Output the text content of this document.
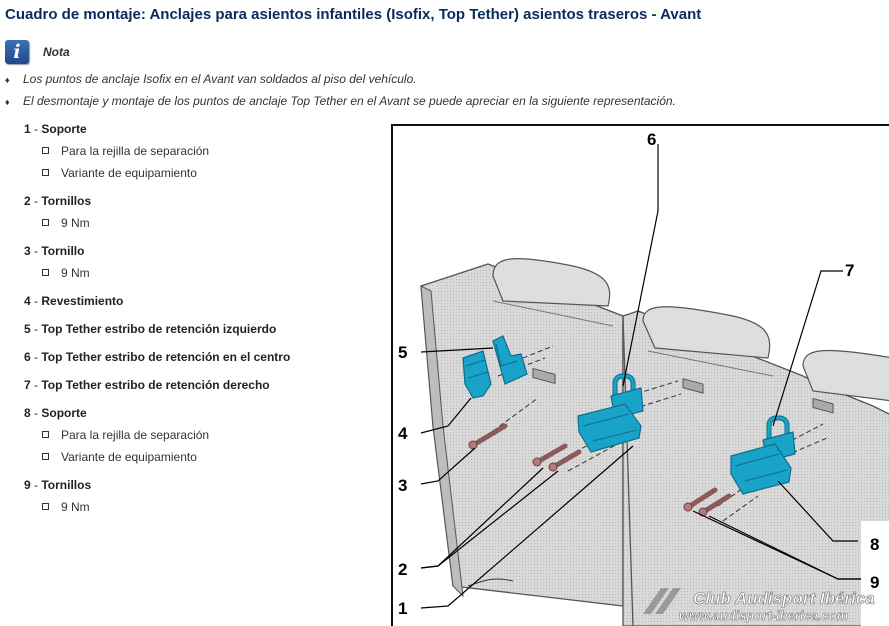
Cuadro de montaje: Anclajes para asientos infantiles (Isofix, Top Tether) asientos traseros - Avant
i	Nota
♦ Los puntos de anclaje Isofix en el Avant van soldados al piso del vehículo.
♦ El desmontaje y montaje de los puntos de anclaje Top Tether en el Avant se puede apreciar en la siguiente representación.
1 - Soporte
Para la rejilla de separación
Variante de equipamiento
2 - Tornillos
9 Nm
3 - Tornillo
9 Nm
4 - Revestimiento
5 - Top Tether estribo de retención izquierdo
6 - Top Tether estribo de retención en el centro
7 - Top Tether estribo de retención derecho
8 - Soporte
Para la rejilla de separación
Variante de equipamiento
9 - Tornillos
9 Nm
6
7
5
4
3
2
1
8
9
Club Audisport Ibérica
www.audisport-iberica.com
